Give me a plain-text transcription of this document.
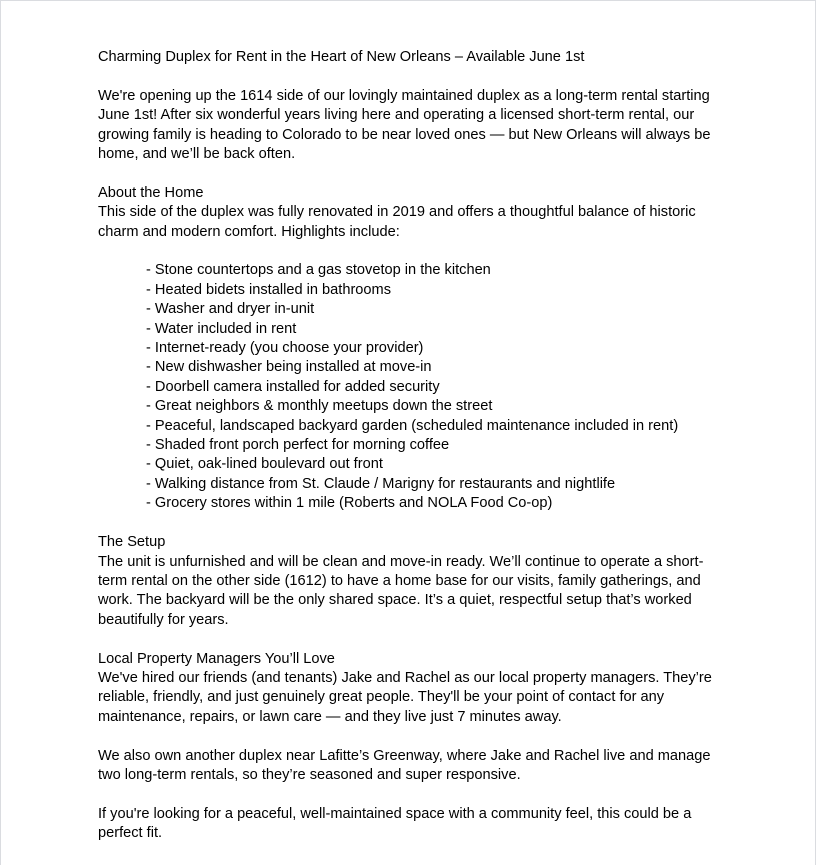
Charming Duplex for Rent in the Heart of New Orleans – Available June 1st

We're opening up the 1614 side of our lovingly maintained duplex as a long-term rental starting June 1st! After six wonderful years living here and operating a licensed short-term rental, our growing family is heading to Colorado to be near loved ones — but New Orleans will always be home, and we’ll be back often.

About the Home

This side of the duplex was fully renovated in 2019 and offers a thoughtful balance of historic charm and modern comfort. Highlights include:

- Stone countertops and a gas stovetop in the kitchen
- Heated bidets installed in bathrooms
- Washer and dryer in-unit
- Water included in rent
- Internet-ready (you choose your provider)
- New dishwasher being installed at move-in
- Doorbell camera installed for added security
- Great neighbors & monthly meetups down the street
- Peaceful, landscaped backyard garden (scheduled maintenance included in rent)
- Shaded front porch perfect for morning coffee
- Quiet, oak-lined boulevard out front
- Walking distance from St. Claude / Marigny for restaurants and nightlife
- Grocery stores within 1 mile (Roberts and NOLA Food Co-op)

The Setup

The unit is unfurnished and will be clean and move-in ready. We’ll continue to operate a short-term rental on the other side (1612) to have a home base for our visits, family gatherings, and work. The backyard will be the only shared space. It’s a quiet, respectful setup that’s worked beautifully for years.

Local Property Managers You’ll Love

We've hired our friends (and tenants) Jake and Rachel as our local property managers. They’re reliable, friendly, and just genuinely great people. They'll be your point of contact for any maintenance, repairs, or lawn care — and they live just 7 minutes away.

We also own another duplex near Lafitte’s Greenway, where Jake and Rachel live and manage two long-term rentals, so they’re seasoned and super responsive.

If you're looking for a peaceful, well-maintained space with a community feel, this could be a perfect fit.
